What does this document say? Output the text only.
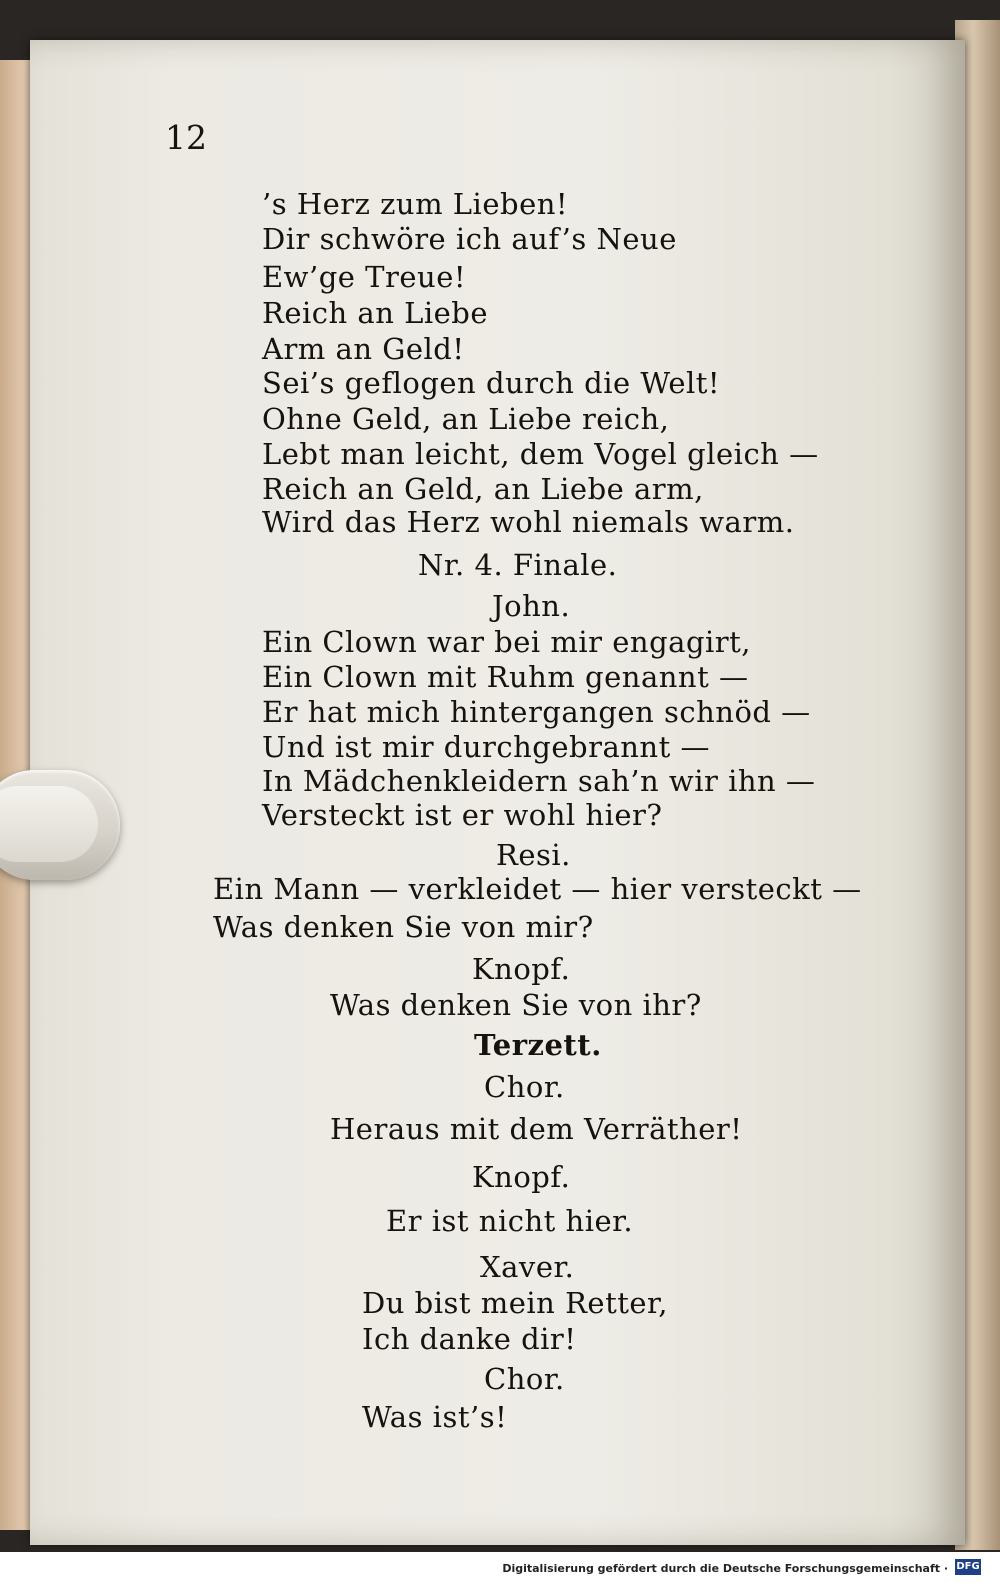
12
’s Herz zum Lieben!
Dir schwöre ich auf’s Neue
Ew’ge Treue!
Reich an Liebe
Arm an Geld!
Sei’s geflogen durch die Welt!
Ohne Geld, an Liebe reich,
Lebt man leicht, dem Vogel gleich —
Reich an Geld, an Liebe arm,
Wird das Herz wohl niemals warm.
Nr. 4. Finale.
John.
Ein Clown war bei mir engagirt,
Ein Clown mit Ruhm genannt —
Er hat mich hintergangen schnöd —
Und ist mir durchgebrannt —
In Mädchenkleidern sah’n wir ihn —
Versteckt ist er wohl hier?
Resi.
Ein Mann — verkleidet — hier versteckt —
Was denken Sie von mir?
Knopf.
Was denken Sie von ihr?
Terzett.
Chor.
Heraus mit dem Verräther!
Knopf.
Er ist nicht hier.
Xaver.
Du bist mein Retter,
Ich danke dir!
Chor.
Was ist’s!
Digitalisierung gefördert durch die Deutsche Forschungsgemeinschaft · DFG
